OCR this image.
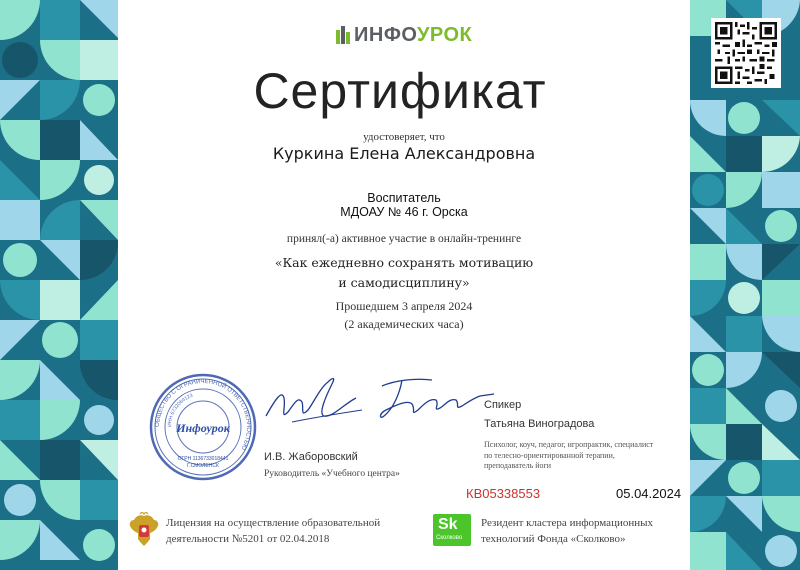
ИНФОУРОК
Сертификат
удостоверяет, что
Куркина Елена Александровна
Воспитатель
МДОАУ № 46 г. Орска
принял(-а) активное участие в онлайн-тренинге
«Как ежедневно сохранять мотивацию
и самодисциплину»
Прошедшем 3 апреля 2024
(2 академических часа)
ОБЩЕСТВО С ОГРАНИЧЕННОЙ ОТВЕТСТВЕННОСТЬЮ
ИНН 6732064123
Инфоурок
ОГРН 1136733018441
Г.СМОЛЕНСК
И.В. Жаборовский
Руководитель «Учебного центра»
Спикер
Татьяна Виноградова
Психолог, коуч, педагог, игропрактик, специалист по телесно-ориентированной терапии, преподаватель йоги
КВ05338553	05.04.2024
Лицензия на осуществление образовательной
деятельности №5201 от 02.04.2018
Sk
Сколково
Резидент кластера информационных
технологий Фонда «Сколково»
